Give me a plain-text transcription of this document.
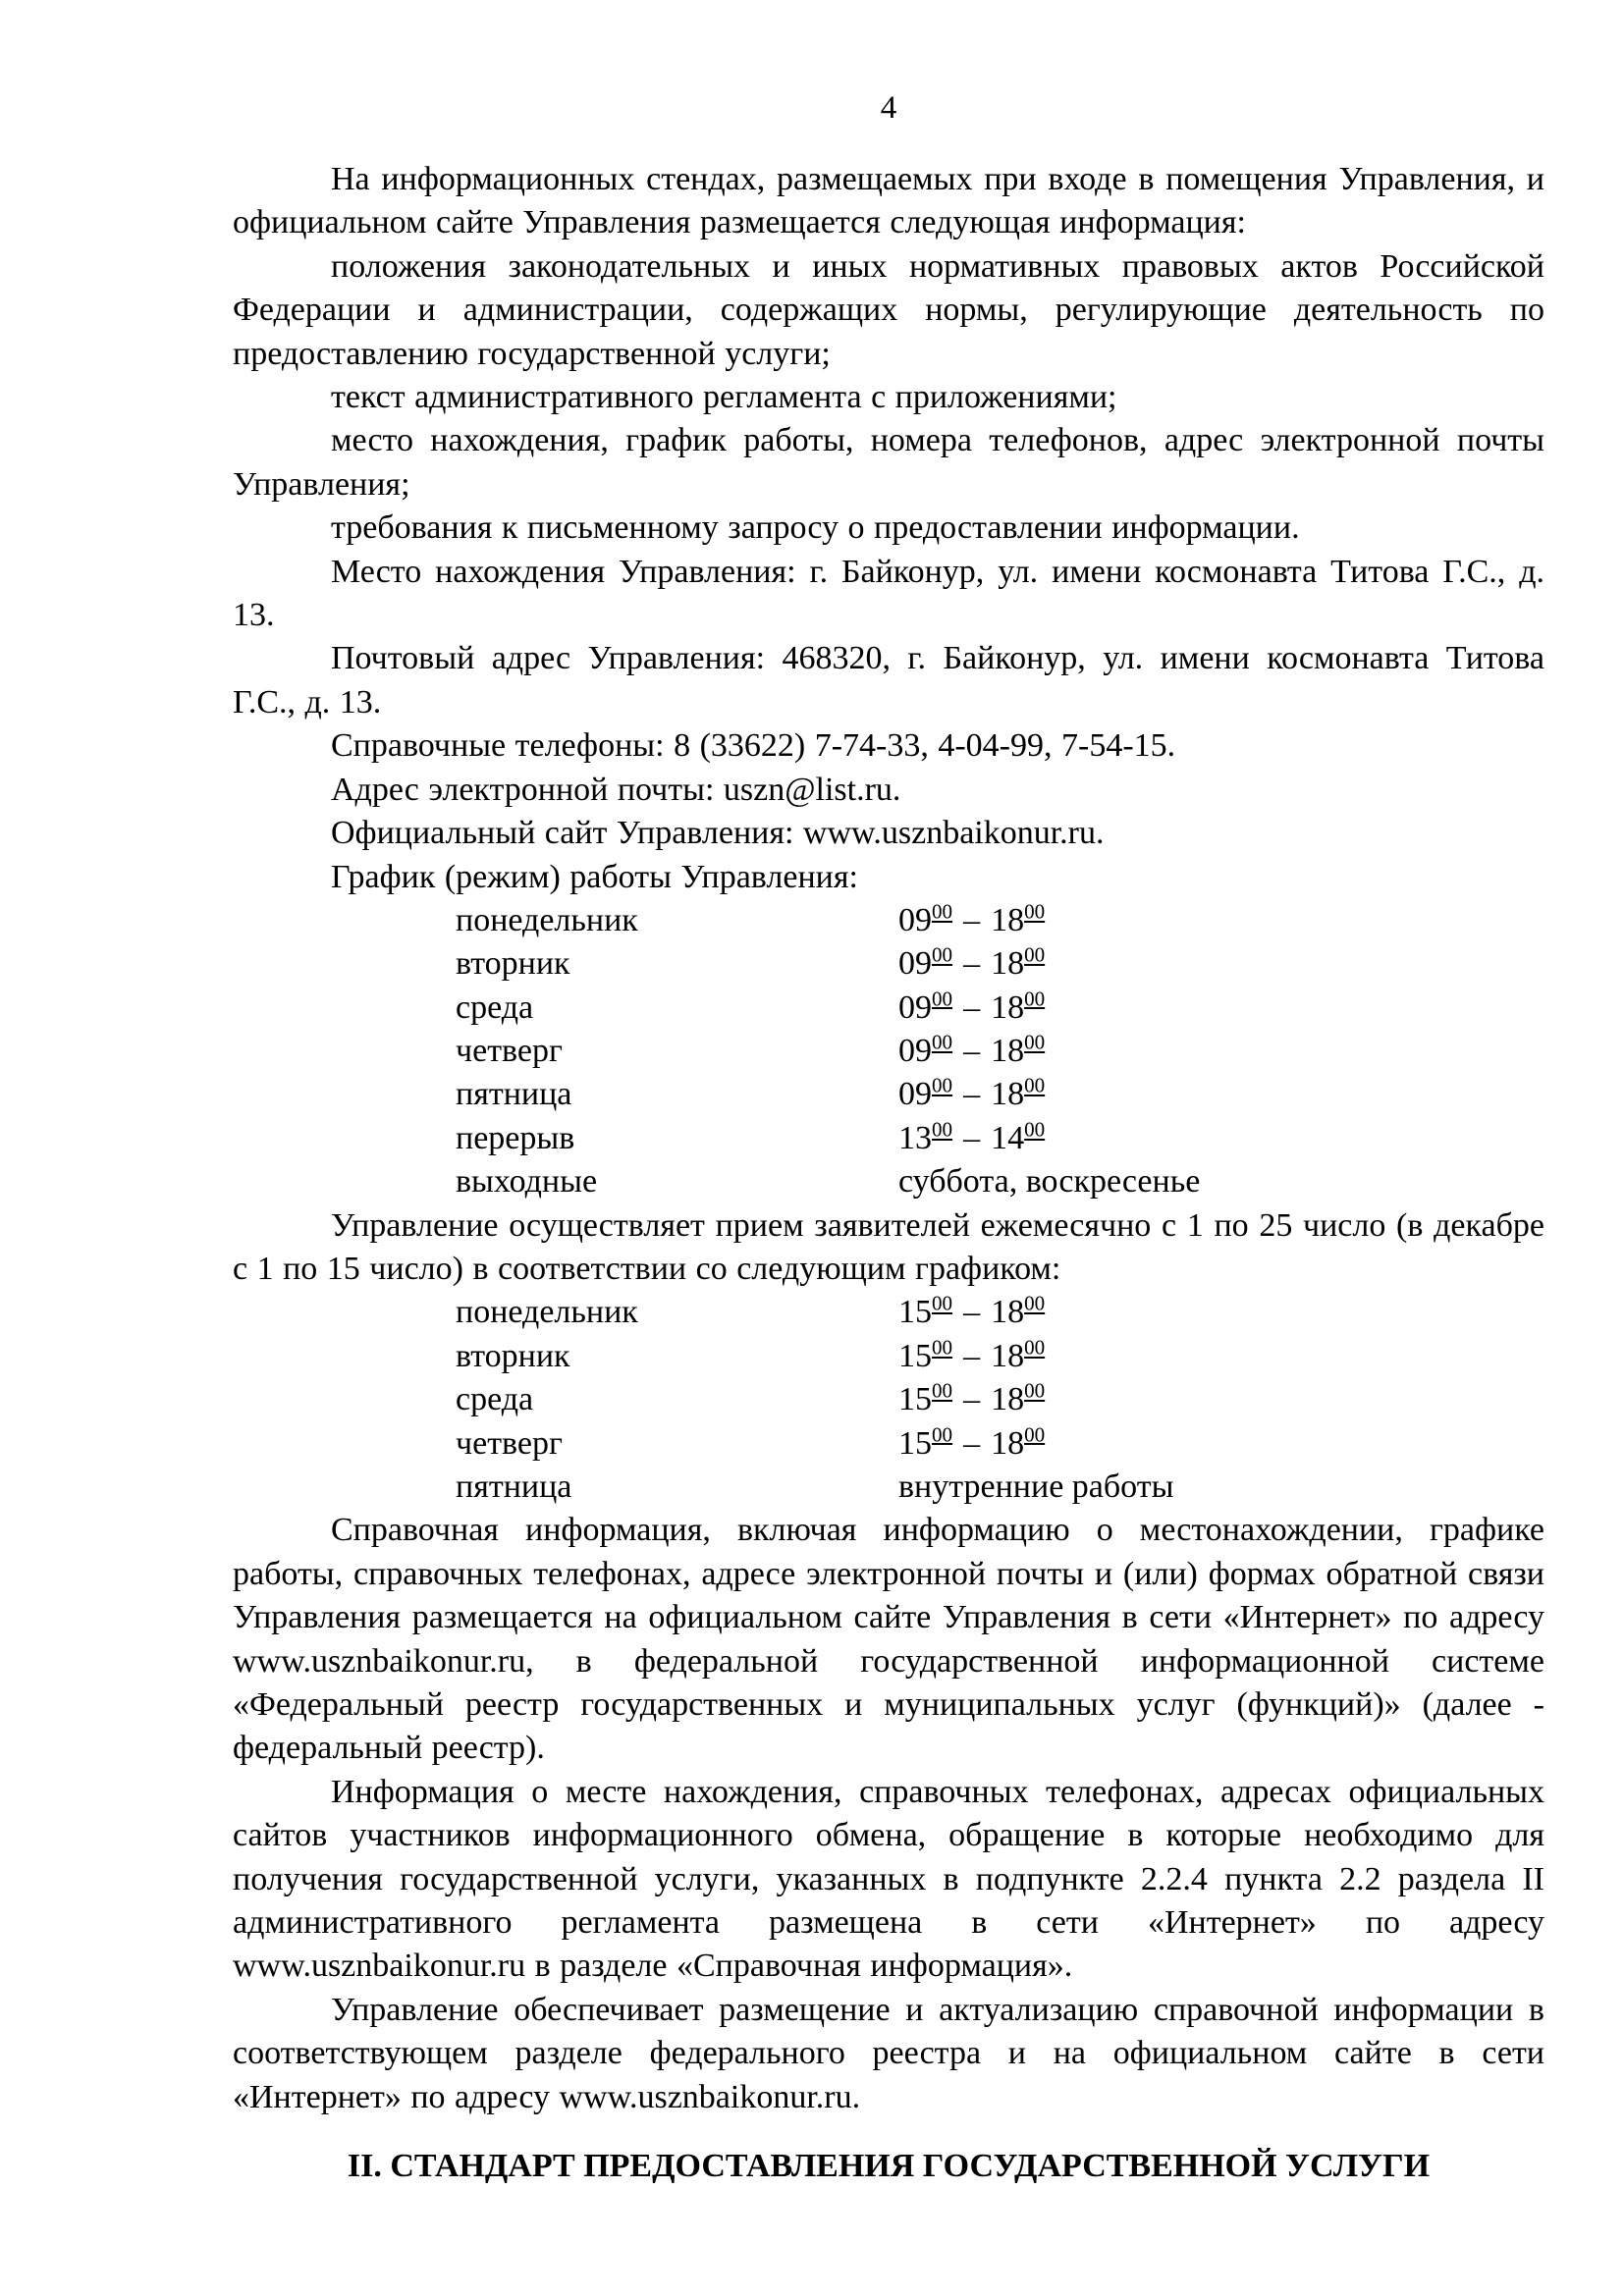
4

На информационных стендах, размещаемых при входе в помещения Управления, и официальном сайте Управления размещается следующая информация:

положения законодательных и иных нормативных правовых актов Российской Федерации и администрации, содержащих нормы, регулирующие деятельность по предоставлению государственной услуги;

текст административного регламента с приложениями;

место нахождения, график работы, номера телефонов, адрес электронной почты Управления;

требования к письменному запросу о предоставлении информации.

Место нахождения Управления: г. Байконур, ул. имени космонавта Титова Г.С., д. 13.

Почтовый адрес Управления: 468320, г. Байконур, ул. имени космонавта Титова Г.С., д. 13.

Справочные телефоны: 8 (33622) 7-74-33, 4-04-99, 7-54-15.

Адрес электронной почты: uszn@list.ru.

Официальный сайт Управления: www.usznbaikonur.ru.

График (режим) работы Управления:

понедельник	$09^{00} - 18^{00}$
вторник	$09^{00} - 18^{00}$
среда	$09^{00} - 18^{00}$
четверг	$09^{00} - 18^{00}$
пятница	$09^{00} - 18^{00}$
перерыв	$13^{00} - 14^{00}$
выходные	суббота, воскресенье

Управление осуществляет прием заявителей ежемесячно с 1 по 25 число (в декабре с 1 по 15 число) в соответствии со следующим графиком:

понедельник	$15^{00} - 18^{00}$
вторник	$15^{00} - 18^{00}$
среда	$15^{00} - 18^{00}$
четверг	$15^{00} - 18^{00}$
пятница	внутренние работы

Справочная информация, включая информацию о местонахождении, графике работы, справочных телефонах, адресе электронной почты и (или) формах обратной связи Управления размещается на официальном сайте Управления в сети «Интернет» по адресу www.usznbaikonur.ru, в федеральной государственной информационной системе «Федеральный реестр государственных и муниципальных услуг (функций)» (далее - федеральный реестр).

Информация о месте нахождения, справочных телефонах, адресах официальных сайтов участников информационного обмена, обращение в которые необходимо для получения государственной услуги, указанных в подпункте 2.2.4 пункта 2.2 раздела II административного регламента размещена в сети «Интернет» по адресу www.usznbaikonur.ru в разделе «Справочная информация».

Управление обеспечивает размещение и актуализацию справочной информации в соответствующем разделе федерального реестра и на официальном сайте в сети «Интернет» по адресу www.usznbaikonur.ru.

II. СТАНДАРТ ПРЕДОСТАВЛЕНИЯ ГОСУДАРСТВЕННОЙ УСЛУГИ
